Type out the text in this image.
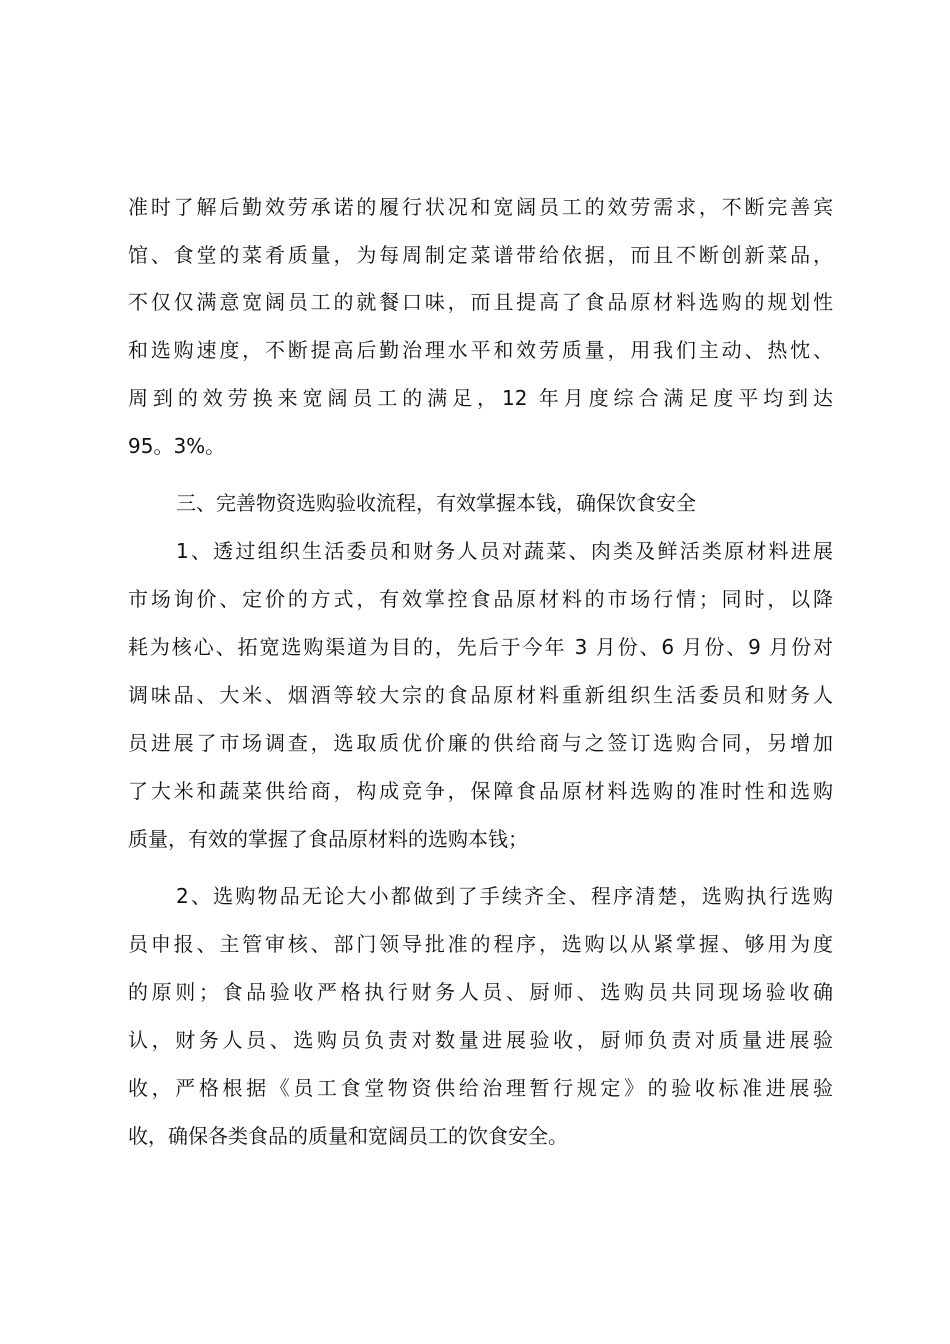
准时了解后勤效劳承诺的履行状况和宽阔员工的效劳需求，不断完善宾
馆、食堂的菜肴质量，为每周制定菜谱带给依据，而且不断创新菜品，
不仅仅满意宽阔员工的就餐口味，而且提高了食品原材料选购的规划性
和选购速度，不断提高后勤治理水平和效劳质量，用我们主动、热忱、
周到的效劳换来宽阔员工的满足，12 年月度综合满足度平均到达
95。3%。
三、完善物资选购验收流程，有效掌握本钱，确保饮食安全
1、透过组织生活委员和财务人员对蔬菜、肉类及鲜活类原材料进展
市场询价、定价的方式，有效掌控食品原材料的市场行情；同时，以降
耗为核心、拓宽选购渠道为目的，先后于今年 3 月份、6 月份、9 月份对
调味品、大米、烟酒等较大宗的食品原材料重新组织生活委员和财务人
员进展了市场调查，选取质优价廉的供给商与之签订选购合同，另增加
了大米和蔬菜供给商，构成竞争，保障食品原材料选购的准时性和选购
质量，有效的掌握了食品原材料的选购本钱；
2、选购物品无论大小都做到了手续齐全、程序清楚，选购执行选购
员申报、主管审核、部门领导批准的程序，选购以从紧掌握、够用为度
的原则；食品验收严格执行财务人员、厨师、选购员共同现场验收确
认，财务人员、选购员负责对数量进展验收，厨师负责对质量进展验
收，严格根据《员工食堂物资供给治理暂行规定》的验收标准进展验
收，确保各类食品的质量和宽阔员工的饮食安全。
